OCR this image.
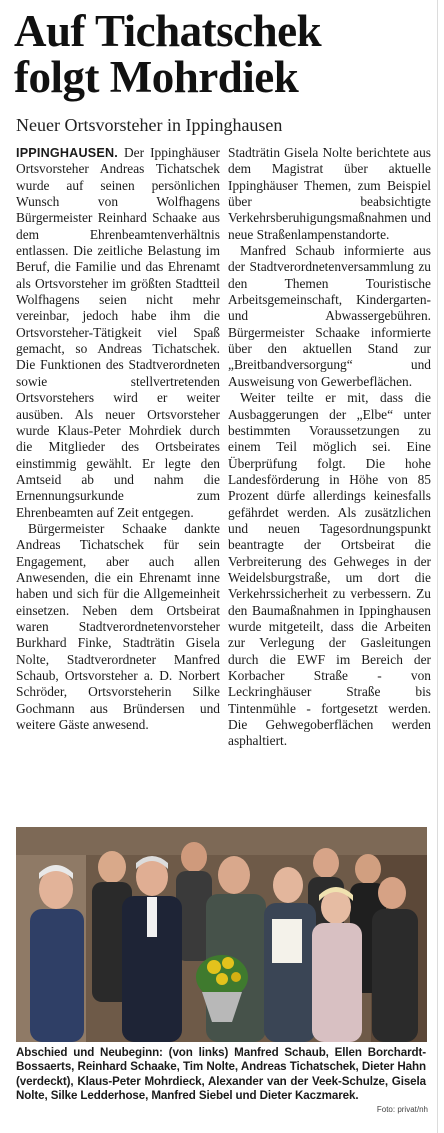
Auf Tichatschek
folgt Mohrdiek

Neuer Ortsvorsteher in Ippinghausen

IPPINGHAUSEN. Der Ippinghäuser Ortsvorsteher Andreas Tichatschek wurde auf seinen persönlichen Wunsch von Wolfhagens Bürgermeister Reinhard Schaake aus dem Ehrenbeamtenverhältnis entlassen. Die zeitliche Belastung im Beruf, die Familie und das Ehrenamt als Ortsvorsteher im größten Stadtteil Wolfhagens seien nicht mehr vereinbar, jedoch habe ihm die Ortsvorsteher-Tätigkeit viel Spaß gemacht, so Andreas Tichatschek. Die Funktionen des Stadtverordneten sowie stellvertretenden Ortsvorstehers wird er weiter ausüben. Als neuer Ortsvorsteher wurde Klaus-Peter Mohrdiek durch die Mitglieder des Ortsbeirates einstimmig gewählt. Er legte den Amtseid ab und nahm die Ernennungsurkunde zum Ehrenbeamten auf Zeit entgegen.

Bürgermeister Schaake dankte Andreas Tichatschek für sein Engagement, aber auch allen Anwesenden, die ein Ehrenamt inne haben und sich für die Allgemeinheit einsetzen. Neben dem Ortsbeirat waren Stadtverordnetenvorsteher Burkhard Finke, Stadträtin Gisela Nolte, Stadtverordneter Manfred Schaub, Ortsvorsteher a. D. Norbert Schröder, Ortsvorsteherin Silke Gochmann aus Bründersen und weitere Gäste anwesend.

Stadträtin Gisela Nolte berichtete aus dem Magistrat über aktuelle Ippinghäuser Themen, zum Beispiel über beabsichtigte Verkehrsberuhigungsmaßnahmen und neue Straßenlampenstandorte.

Manfred Schaub informierte aus der Stadtverordnetenversammlung zu den Themen Touristische Arbeitsgemeinschaft, Kindergarten- und Abwassergebühren. Bürgermeister Schaake informierte über den aktuellen Stand zur „Breitbandversorgung“ und Ausweisung von Gewerbeflächen.

Weiter teilte er mit, dass die Ausbaggerungen der „Elbe“ unter bestimmten Voraussetzungen zu einem Teil möglich sei. Eine Überprüfung folgt. Die hohe Landesförderung in Höhe von 85 Prozent dürfe allerdings keinesfalls gefährdet werden. Als zusätzlichen und neuen Tagesordnungspunkt beantragte der Ortsbeirat die Verbreiterung des Gehweges in der Weidelsburgstraße, um dort die Verkehrssicherheit zu verbessern. Zu den Baumaßnahmen in Ippinghausen wurde mitgeteilt, dass die Arbeiten zur Verlegung der Gasleitungen durch die EWF im Bereich der Korbacher Straße - von Leckringhäuser Straße bis Tintenmühle - fortgesetzt werden. Die Gehwegoberflächen werden asphaltiert.

Abschied und Neubeginn: (von links) Manfred Schaub, Ellen Borchardt-Bossaerts, Reinhard Schaake, Tim Nolte, Andreas Tichatschek, Dieter Hahn (verdeckt), Klaus-Peter Mohrdieck, Alexander van der Veek-Schulze, Gisela Nolte, Silke Ledderhose, Manfred Siebel und Dieter Kaczmarek.

Foto: privat/nh
